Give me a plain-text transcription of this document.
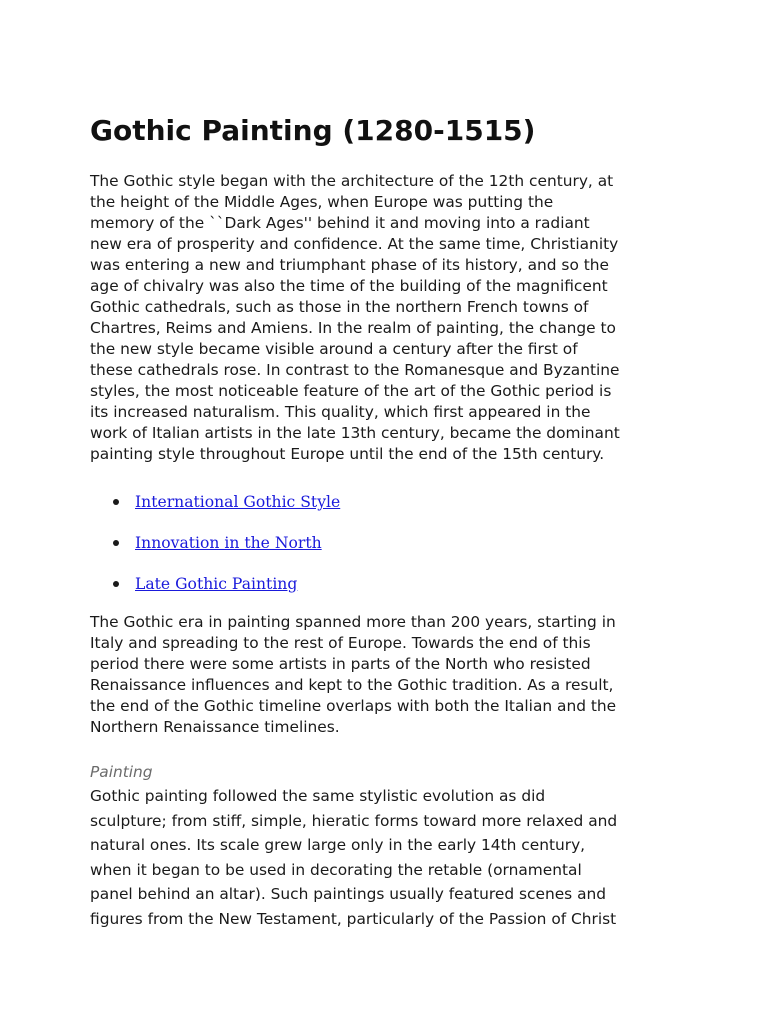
Gothic Painting (1280-1515)

The Gothic style began with the architecture of the 12th century, at
the height of the Middle Ages, when Europe was putting the
memory of the ``Dark Ages'' behind it and moving into a radiant
new era of prosperity and confidence. At the same time, Christianity
was entering a new and triumphant phase of its history, and so the
age of chivalry was also the time of the building of the magnificent
Gothic cathedrals, such as those in the northern French towns of
Chartres, Reims and Amiens. In the realm of painting, the change to
the new style became visible around a century after the first of
these cathedrals rose. In contrast to the Romanesque and Byzantine
styles, the most noticeable feature of the art of the Gothic period is
its increased naturalism. This quality, which first appeared in the
work of Italian artists in the late 13th century, became the dominant
painting style throughout Europe until the end of the 15th century.

International Gothic Style
Innovation in the North
Late Gothic Painting

The Gothic era in painting spanned more than 200 years, starting in
Italy and spreading to the rest of Europe. Towards the end of this
period there were some artists in parts of the North who resisted
Renaissance influences and kept to the Gothic tradition. As a result,
the end of the Gothic timeline overlaps with both the Italian and the
Northern Renaissance timelines.

Painting

Gothic painting followed the same stylistic evolution as did
sculpture; from stiff, simple, hieratic forms toward more relaxed and
natural ones. Its scale grew large only in the early 14th century,
when it began to be used in decorating the retable (ornamental
panel behind an altar). Such paintings usually featured scenes and
figures from the New Testament, particularly of the Passion of Christ
